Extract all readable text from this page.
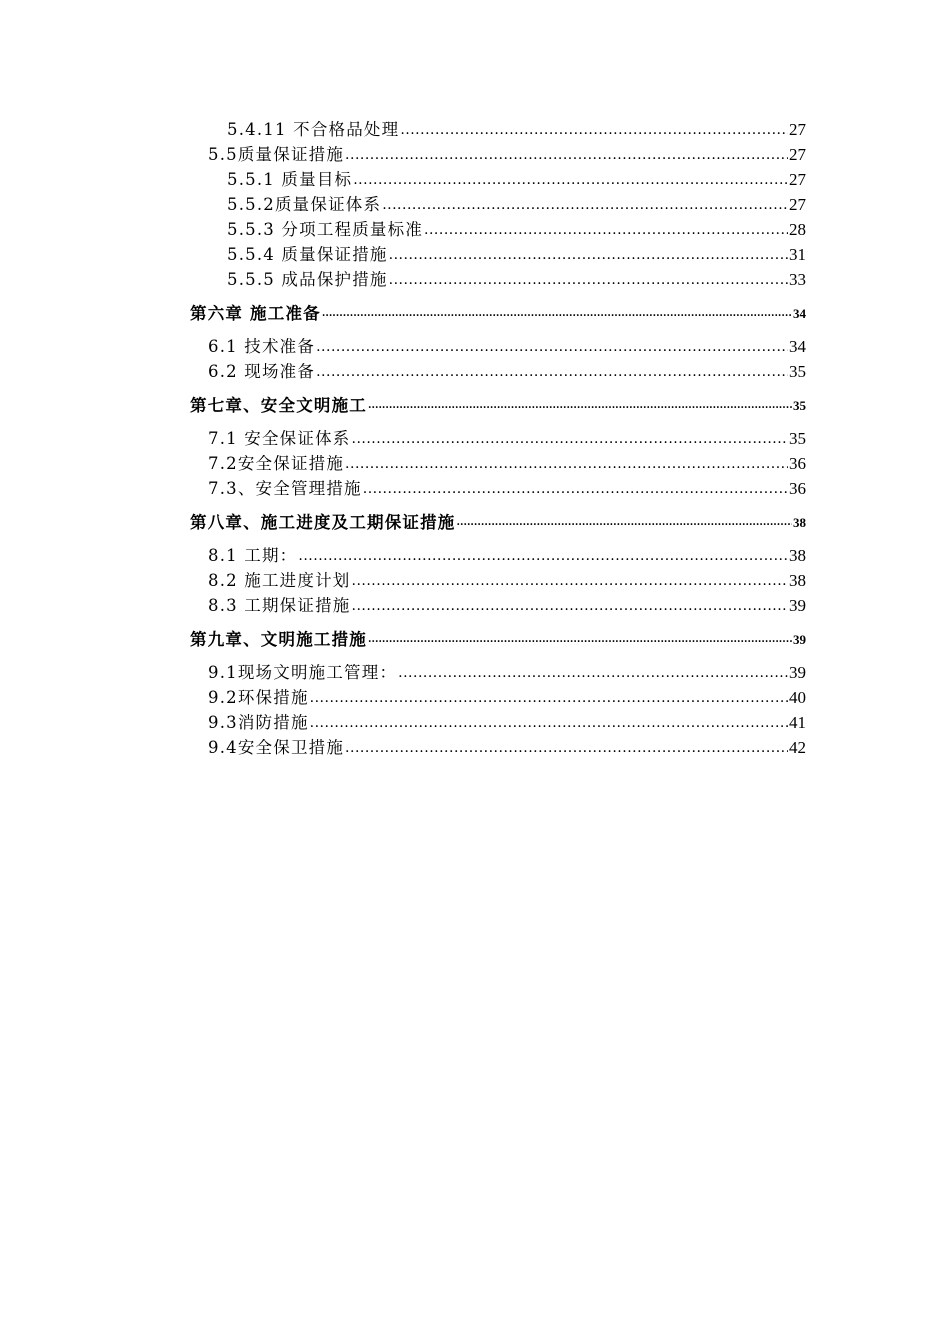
5.4.11 不合格品处理 .....	27
5.5质量保证措施 .....	27
5.5.1 质量目标 .....	27
5.5.2质量保证体系 .....	27
5.5.3 分项工程质量标准 .....	28
5.5.4 质量保证措施 .....	31
5.5.5 成品保护措施 .....	33
第六章 施工准备 .....	34
6.1 技术准备 .....	34
6.2 现场准备 .....	35
第七章、安全文明施工 .....	35
7.1 安全保证体系 .....	35
7.2安全保证措施 .....	36
7.3、安全管理措施 .....	36
第八章、施工进度及工期保证措施 .....	38
8.1 工期： .....	38
8.2 施工进度计划 .....	38
8.3 工期保证措施 .....	39
第九章、文明施工措施 .....	39
9.1现场文明施工管理： .....	39
9.2环保措施 .....	40
9.3消防措施 .....	41
9.4安全保卫措施 .....	42
